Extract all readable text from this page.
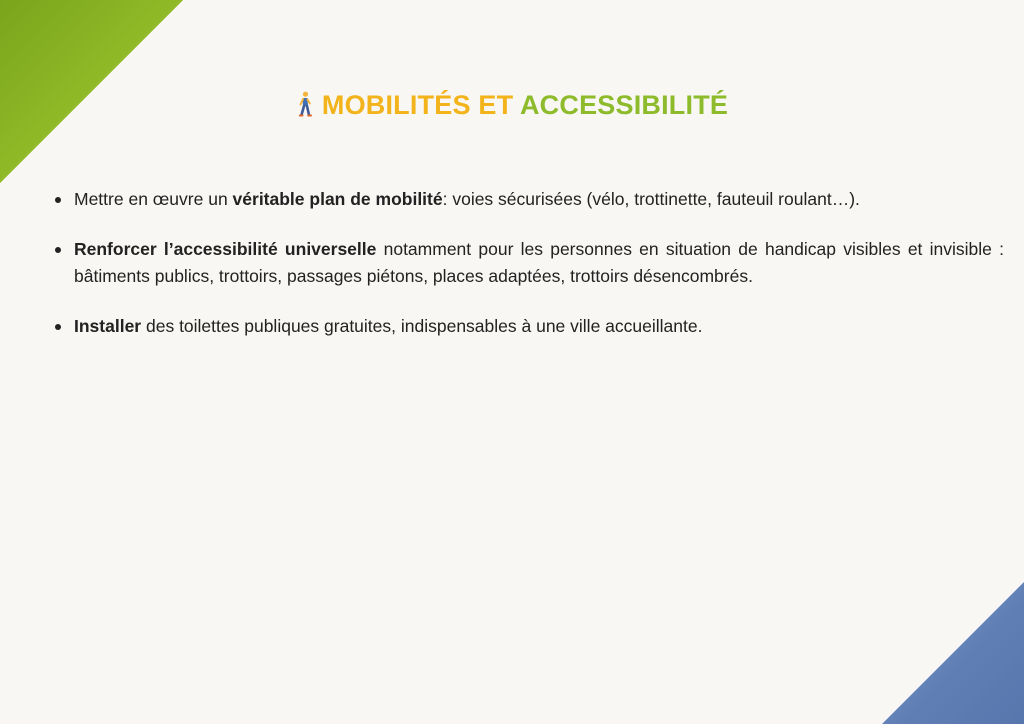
MOBILITÉS ET ACCESSIBILITÉ
Mettre en œuvre un véritable plan de mobilité: voies sécurisées (vélo, trottinette, fauteuil roulant…).
Renforcer l’accessibilité universelle notamment pour les personnes en situation de handicap visibles et invisible : bâtiments publics, trottoirs, passages piétons, places adaptées, trottoirs désencombrés.
Installer des toilettes publiques gratuites, indispensables à une ville accueillante.
